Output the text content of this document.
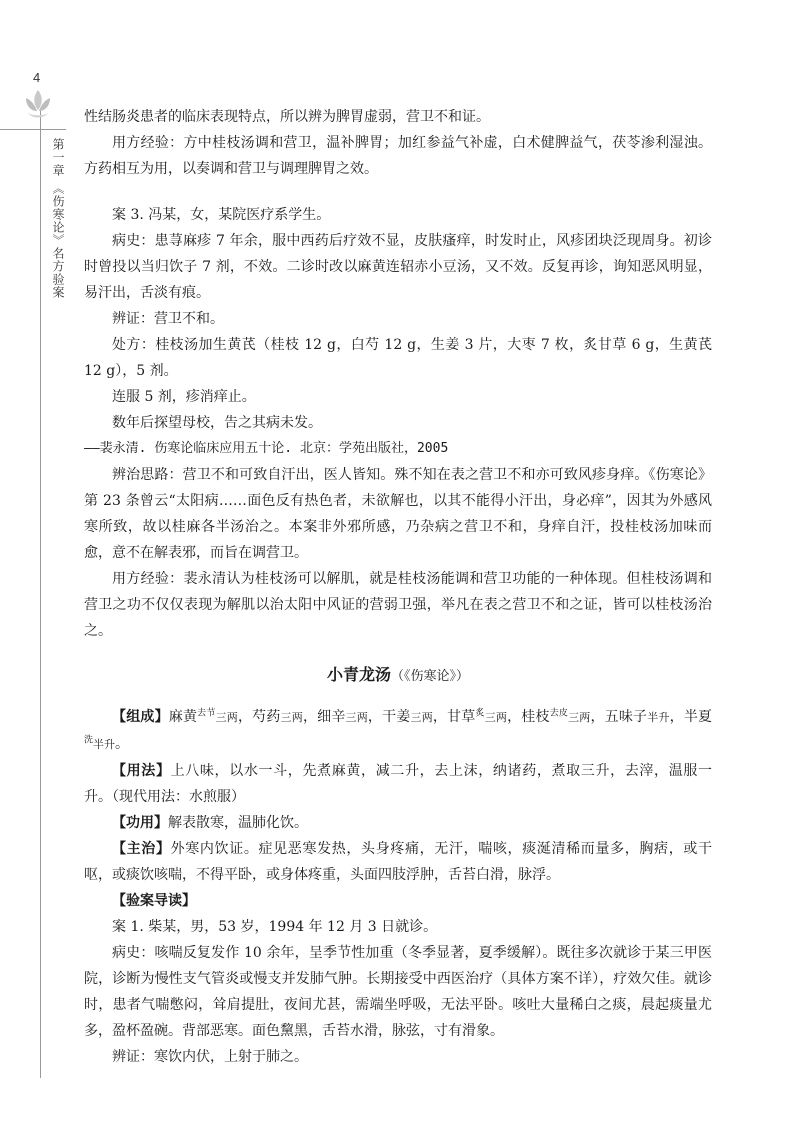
4
第一章 《伤寒论》名方验案

性结肠炎患者的临床表现特点，所以辨为脾胃虚弱，营卫不和证。

用方经验：方中桂枝汤调和营卫，温补脾胃；加红参益气补虚，白术健脾益气，茯苓渗利湿浊。方药相互为用，以奏调和营卫与调理脾胃之效。

案 3. 冯某，女，某院医疗系学生。

病史：患荨麻疹 7 年余，服中西药后疗效不显，皮肤瘙痒，时发时止，风疹团块泛现周身。初诊时曾投以当归饮子 7 剂，不效。二诊时改以麻黄连轺赤小豆汤，又不效。反复再诊，询知恶风明显，易汗出，舌淡有痕。

辨证：营卫不和。

处方：桂枝汤加生黄芪（桂枝 12 g，白芍 12 g，生姜 3 片，大枣 7 枚，炙甘草 6 g，生黄芪 12 g），5 剂。

连服 5 剂，疹消痒止。

数年后探望母校，告之其病未发。

——裴永清. 伤寒论临床应用五十论. 北京：学苑出版社，2005

辨治思路：营卫不和可致自汗出，医人皆知。殊不知在表之营卫不和亦可致风疹身痒。《伤寒论》第 23 条曾云“太阳病……面色反有热色者，未欲解也，以其不能得小汗出，身必痒”，因其为外感风寒所致，故以桂麻各半汤治之。本案非外邪所感，乃杂病之营卫不和，身痒自汗，投桂枝汤加味而愈，意不在解表邪，而旨在调营卫。

用方经验：裴永清认为桂枝汤可以解肌，就是桂枝汤能调和营卫功能的一种体现。但桂枝汤调和营卫之功不仅仅表现为解肌以治太阳中风证的营弱卫强，举凡在表之营卫不和之证，皆可以桂枝汤治之。

小青龙汤（《伤寒论》）

【组成】麻黄$^{去节}$三两，芍药三两，细辛三两，干姜三两，甘草$^炙$三两，桂枝$^{去皮}$三两，五味子半升，半夏$^洗$半升。

【用法】上八味，以水一斗，先煮麻黄，减二升，去上沫，纳诸药，煮取三升，去滓，温服一升。（现代用法：水煎服）

【功用】解表散寒，温肺化饮。

【主治】外寒内饮证。症见恶寒发热，头身疼痛，无汗，喘咳，痰涎清稀而量多，胸痞，或干呕，或痰饮咳喘，不得平卧，或身体疼重，头面四肢浮肿，舌苔白滑，脉浮。

【验案导读】

案 1. 柴某，男，53 岁，1994 年 12 月 3 日就诊。

病史：咳喘反复发作 10 余年，呈季节性加重（冬季显著，夏季缓解）。既往多次就诊于某三甲医院，诊断为慢性支气管炎或慢支并发肺气肿。长期接受中西医治疗（具体方案不详），疗效欠佳。就诊时，患者气喘憋闷，耸肩提肚，夜间尤甚，需端坐呼吸，无法平卧。咳吐大量稀白之痰，晨起痰量尤多，盈杯盈碗。背部恶寒。面色黧黑，舌苔水滑，脉弦，寸有滑象。

辨证：寒饮内伏，上射于肺之。
